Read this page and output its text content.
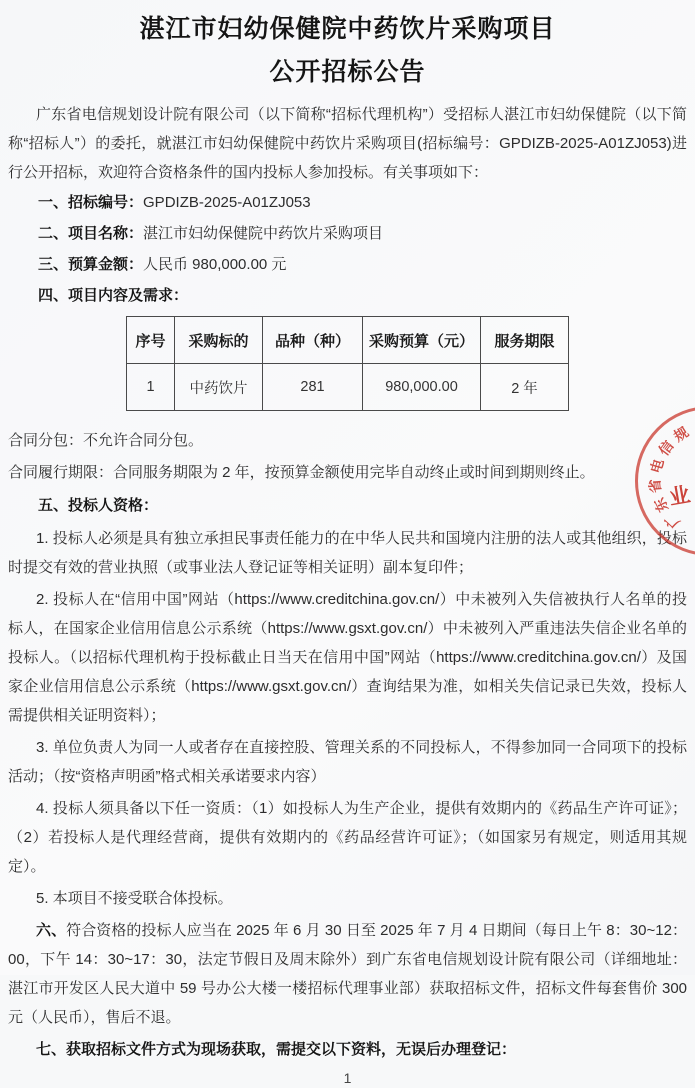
湛江市妇幼保健院中药饮片采购项目
公开招标公告

广东省电信规划设计院有限公司（以下简称“招标代理机构”）受招标人湛江市妇幼保健院（以下简称“招标人”）的委托，就湛江市妇幼保健院中药饮片采购项目(招标编号：GPDIZB-2025-A01ZJ053)进行公开招标，欢迎符合资格条件的国内投标人参加投标。有关事项如下：

一、招标编号：GPDIZB-2025-A01ZJ053

二、项目名称：湛江市妇幼保健院中药饮片采购项目

三、预算金额：人民币 980,000.00 元

四、项目内容及需求：

序号	采购标的	品种（种）	采购预算（元）	服务期限
1	中药饮片	281	980,000.00	2 年

合同分包：不允许合同分包。

合同履行期限：合同服务期限为 2 年，按预算金额使用完毕自动终止或时间到期则终止。

五、投标人资格：

1. 投标人必须是具有独立承担民事责任能力的在中华人民共和国境内注册的法人或其他组织，投标时提交有效的营业执照（或事业法人登记证等相关证明）副本复印件；

2. 投标人在“信用中国”网站（https://www.creditchina.gov.cn/）中未被列入失信被执行人名单的投标人，在国家企业信用信息公示系统（https://www.gsxt.gov.cn/）中未被列入严重违法失信企业名单的投标人。（以招标代理机构于投标截止日当天在信用中国”网站（https://www.creditchina.gov.cn/）及国家企业信用信息公示系统（https://www.gsxt.gov.cn/）查询结果为准，如相关失信记录已失效，投标人需提供相关证明资料）；

3. 单位负责人为同一人或者存在直接控股、管理关系的不同投标人，不得参加同一合同项下的投标活动；（按“资格声明函”格式相关承诺要求内容）

4. 投标人须具备以下任一资质：（1）如投标人为生产企业，提供有效期内的《药品生产许可证》；（2）若投标人是代理经营商，提供有效期内的《药品经营许可证》；（如国家另有规定，则适用其规定）。

5. 本项目不接受联合体投标。

六、符合资格的投标人应当在 2025 年 6 月 30 日至 2025 年 7 月 4 日期间（每日上午 8：30~12：00，下午 14：30~17：30，法定节假日及周末除外）到广东省电信规划设计院有限公司（详细地址：湛江市开发区人民大道中 59 号办公大楼一楼招标代理事业部）获取招标文件，招标文件每套售价 300 元（人民币），售后不退。

七、获取招标文件方式为现场获取，需提交以下资料，无误后办理登记：

1
广
东
省
电
信
规
业
